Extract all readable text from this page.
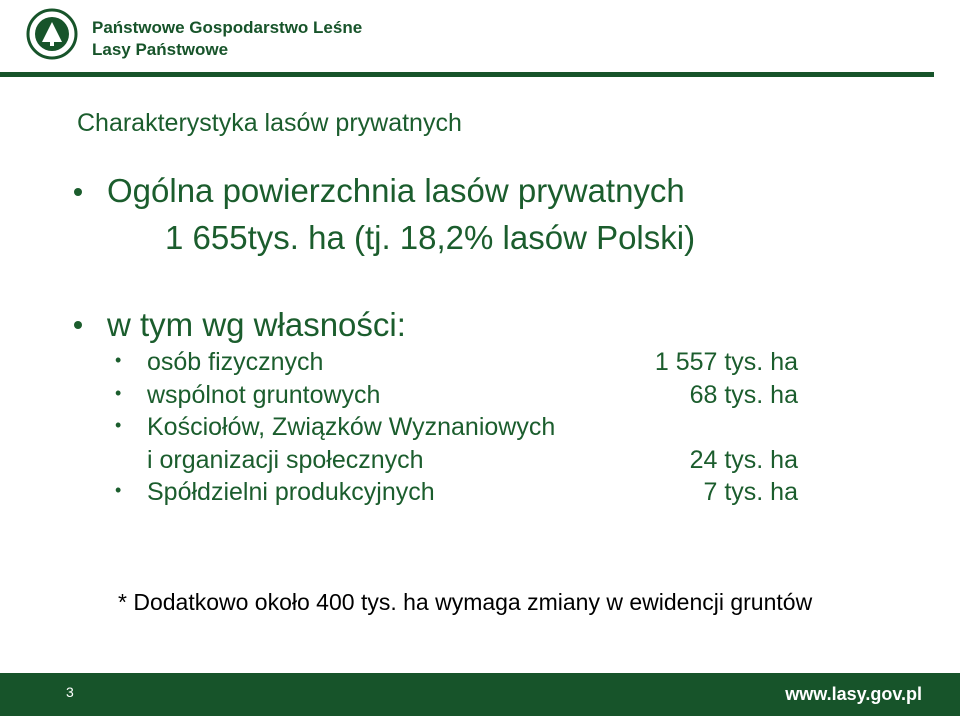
Państwowe Gospodarstwo Leśne
Lasy Państwowe
Charakterystyka lasów prywatnych
Ogólna powierzchnia lasów prywatnych
1 655tys. ha (tj. 18,2% lasów Polski)
w tym wg własności:
• osób fizycznych	1 557 tys. ha
• wspólnot gruntowych	68 tys. ha
• Kościołów, Związków Wyznaniowych
i organizacji społecznych	24 tys. ha
• Spółdzielni produkcyjnych	7 tys. ha
* Dodatkowo około 400 tys. ha wymaga zmiany w ewidencji gruntów
3	www.lasy.gov.pl
